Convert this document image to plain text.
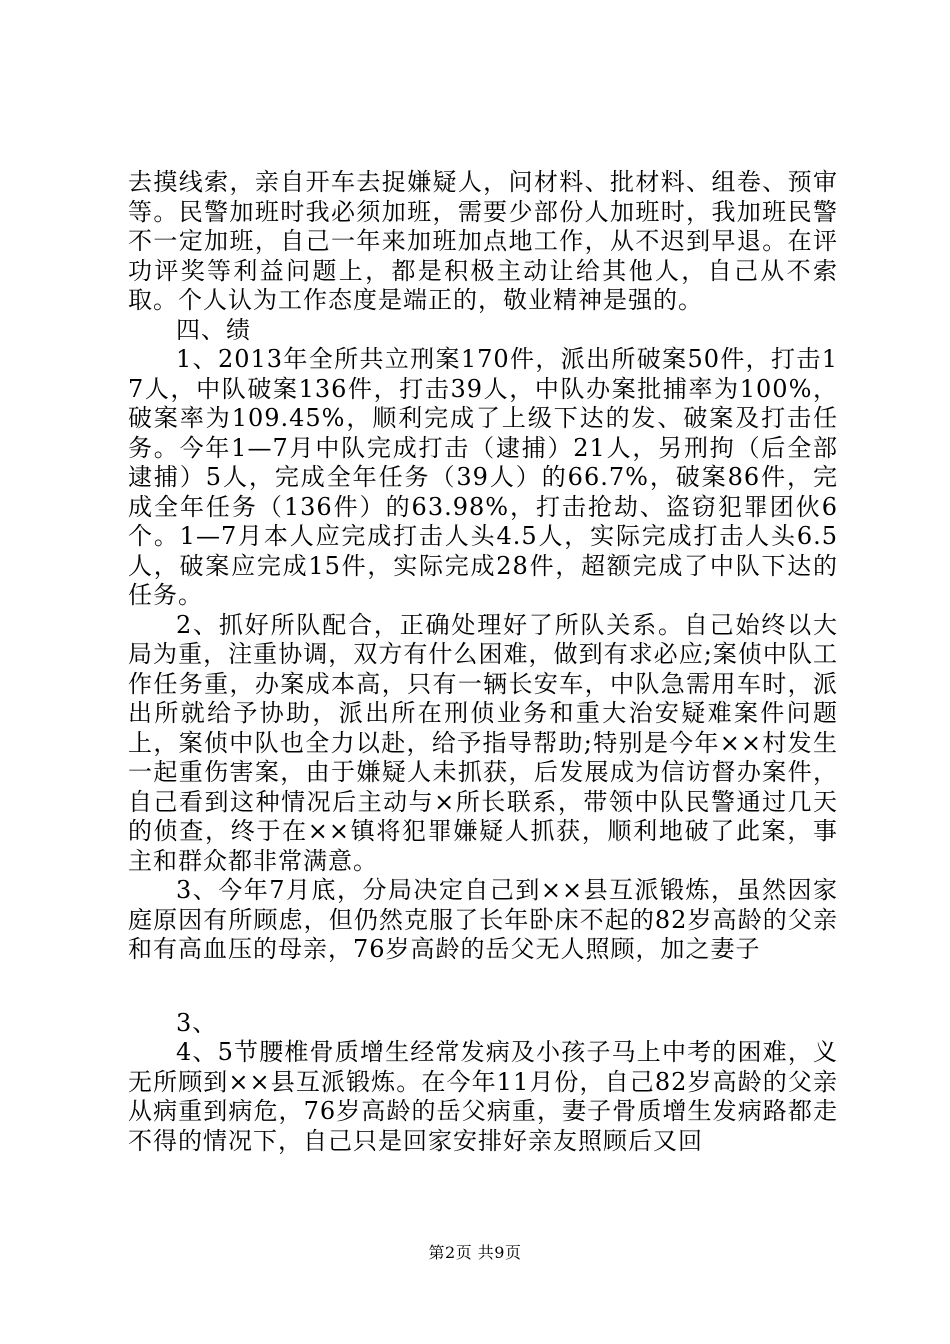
去摸线索，亲自开车去捉嫌疑人，问材料、批材料、组卷、预审等。民警加班时我必须加班，需要少部份人加班时，我加班民警不一定加班，自己一年来加班加点地工作，从不迟到早退。在评功评奖等利益问题上，都是积极主动让给其他人，自己从不索取。个人认为工作态度是端正的，敬业精神是强的。

四、绩

1、2013年全所共立刑案170件，派出所破案50件，打击17人，中队破案136件，打击39人，中队办案批捕率为100%，破案率为109.45%，顺利完成了上级下达的发、破案及打击任务。今年1—7月中队完成打击（逮捕）21人，另刑拘（后全部逮捕）5人，完成全年任务（39人）的66.7%，破案86件，完成全年任务（136件）的63.98%，打击抢劫、盗窃犯罪团伙6个。1—7月本人应完成打击人头4.5人，实际完成打击人头6.5人，破案应完成15件，实际完成28件，超额完成了中队下达的任务。

2、抓好所队配合，正确处理好了所队关系。自己始终以大局为重，注重协调，双方有什么困难，做到有求必应;案侦中队工作任务重，办案成本高，只有一辆长安车，中队急需用车时，派出所就给予协助，派出所在刑侦业务和重大治安疑难案件问题上，案侦中队也全力以赴，给予指导帮助;特别是今年××村发生一起重伤害案，由于嫌疑人未抓获，后发展成为信访督办案件，自己看到这种情况后主动与×所长联系，带领中队民警通过几天的侦查，终于在××镇将犯罪嫌疑人抓获，顺利地破了此案，事主和群众都非常满意。

3、今年7月底，分局决定自己到××县互派锻炼，虽然因家庭原因有所顾虑，但仍然克服了长年卧床不起的82岁高龄的父亲和有高血压的母亲，76岁高龄的岳父无人照顾，加之妻子

3、

4、5节腰椎骨质增生经常发病及小孩子马上中考的困难，义无所顾到××县互派锻炼。在今年11月份，自己82岁高龄的父亲从病重到病危，76岁高龄的岳父病重，妻子骨质增生发病路都走不得的情况下，自己只是回家安排好亲友照顾后又回

第2页 共9页
